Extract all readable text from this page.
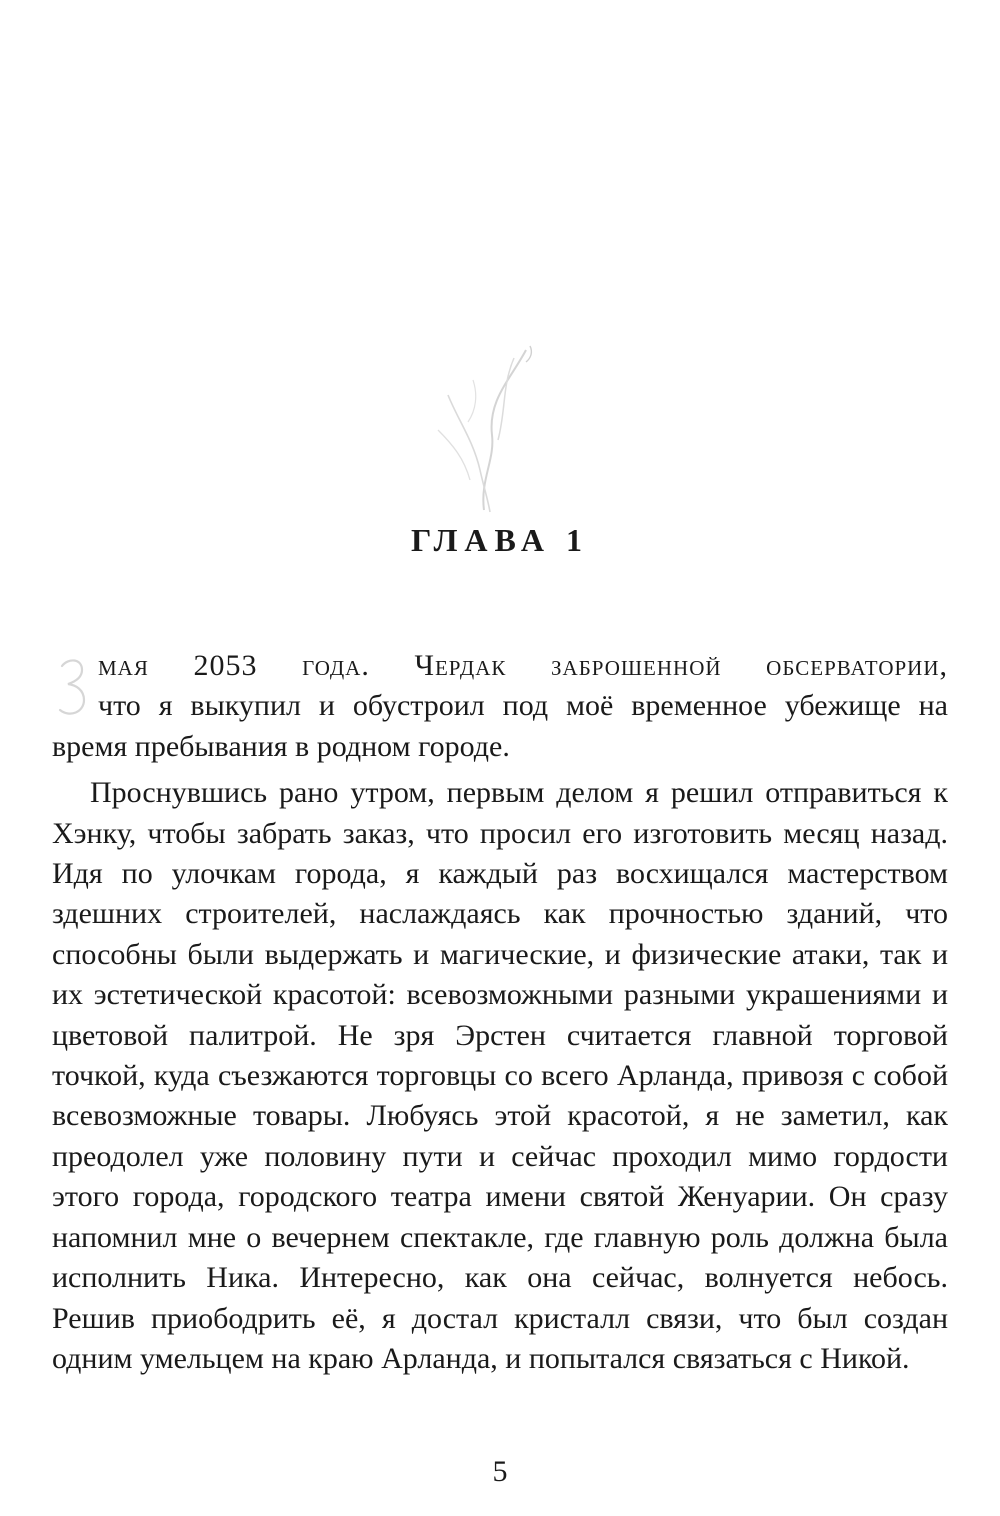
ГЛАВА 1

мая 2053 года. Чердак заброшенной обсерватории,
что я выкупил и обустроил под моё временное убежище на
время пребывания в родном городе.

Проснувшись рано утром, первым делом я решил отправиться к Хэнку, чтобы забрать заказ, что просил его изготовить месяц назад. Идя по улочкам города, я каждый раз восхищался мастерством здешних строителей, наслаждаясь как прочностью зданий, что способны были выдержать и магические, и физические атаки, так и их эстетической красотой: всевозможными разными украшениями и цветовой палитрой. Не зря Эрстен считается главной торговой точкой, куда съезжаются торговцы со всего Арланда, привозя с собой всевозможные товары. Любуясь этой красотой, я не заметил, как преодолел уже половину пути и сейчас проходил мимо гордости этого города, городского театра имени святой Женуарии. Он сразу напомнил мне о вечернем спектакле, где главную роль должна была исполнить Ника. Интересно, как она сейчас, волнуется небось. Решив приободрить её, я достал кристалл связи, что был создан одним умельцем на краю Арланда, и попытался связаться с Никой.

5
